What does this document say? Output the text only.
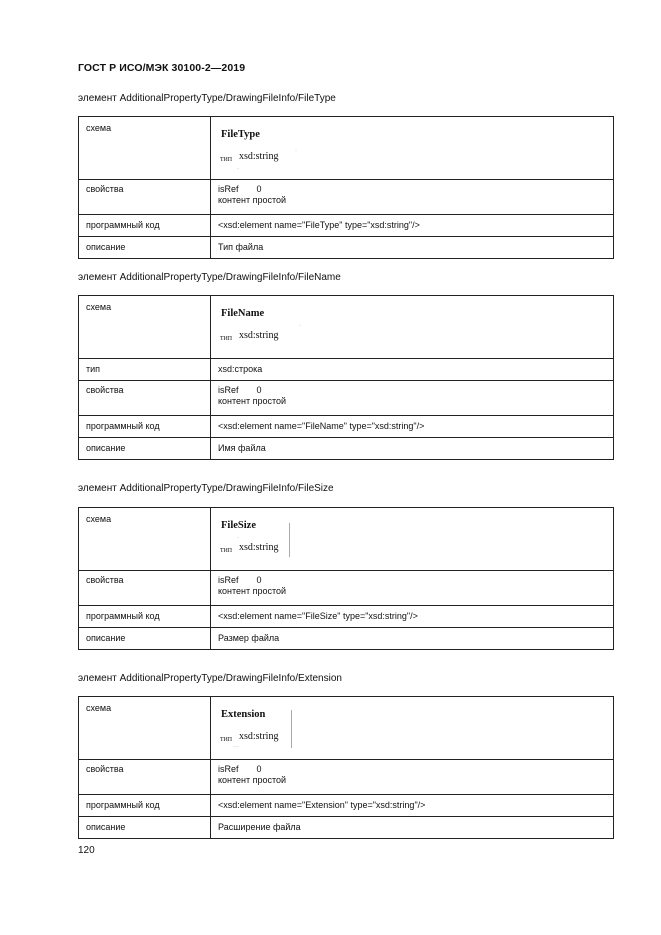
ГОСТ Р ИСО/МЭК 30100-2—2019
элемент AdditionalPropertyType/DrawingFileInfo/FileType
схема	FileType
тип xsd:string ·
·

свойства	isRef 0
контент простой
программный код	<xsd:element name="FileType" type="xsd:string"/>
описание	Тип файла
элемент AdditionalPropertyType/DrawingFileInfo/FileName
схема	FileName
тип xsd:string
·

тип	xsd:строка
свойства	isRef 0
контент простой
программный код	<xsd:element name="FileName" type="xsd:string"/>
описание	Имя файла
элемент AdditionalPropertyType/DrawingFileInfo/FileSize
схема	FileSize
тип xsd:string
·

свойства	isRef 0
контент простой
программный код	<xsd:element name="FileSize" type="xsd:string"/>
описание	Размер файла
элемент AdditionalPropertyType/DrawingFileInfo/Extension
схема	Extension
тип xsd:string
···

свойства	isRef 0
контент простой
программный код	<xsd:element name="Extension" type="xsd:string"/>
описание	Расширение файла
120
